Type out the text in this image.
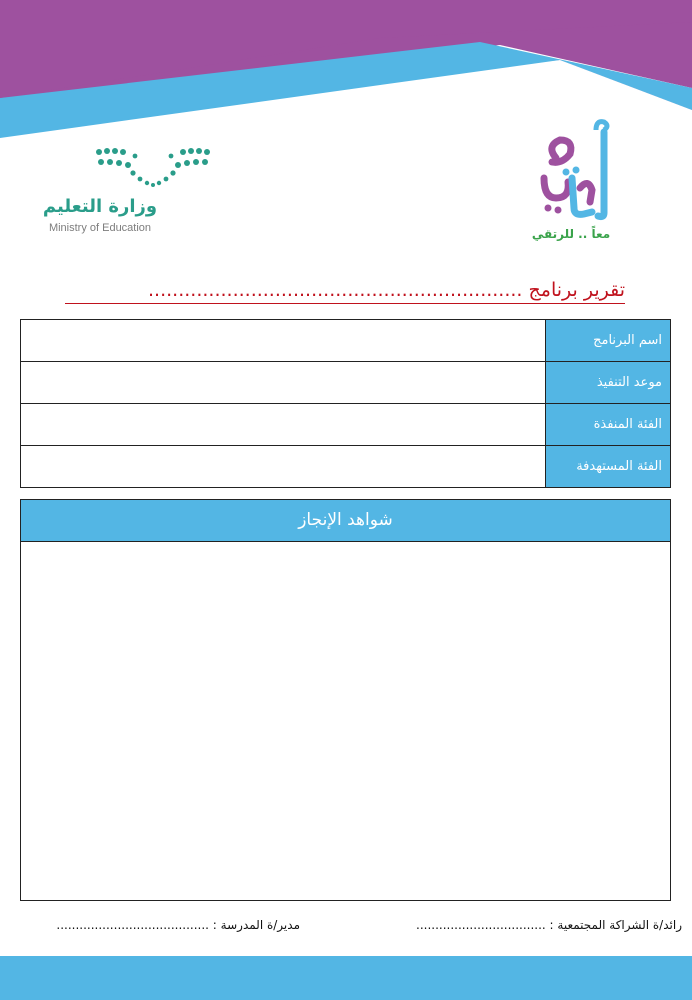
وزارة التعليم
Ministry of Education	معاً .. للرتقي
تقرير برنامج ..............................................................
اسم البرنامج	
موعد التنفيذ	
الفئة المنفذة	
الفئة المستهدفة	
شواهد الإنجاز
رائد/ة الشراكة المجتمعية : ..................................
مدير/ة المدرسة : ........................................
